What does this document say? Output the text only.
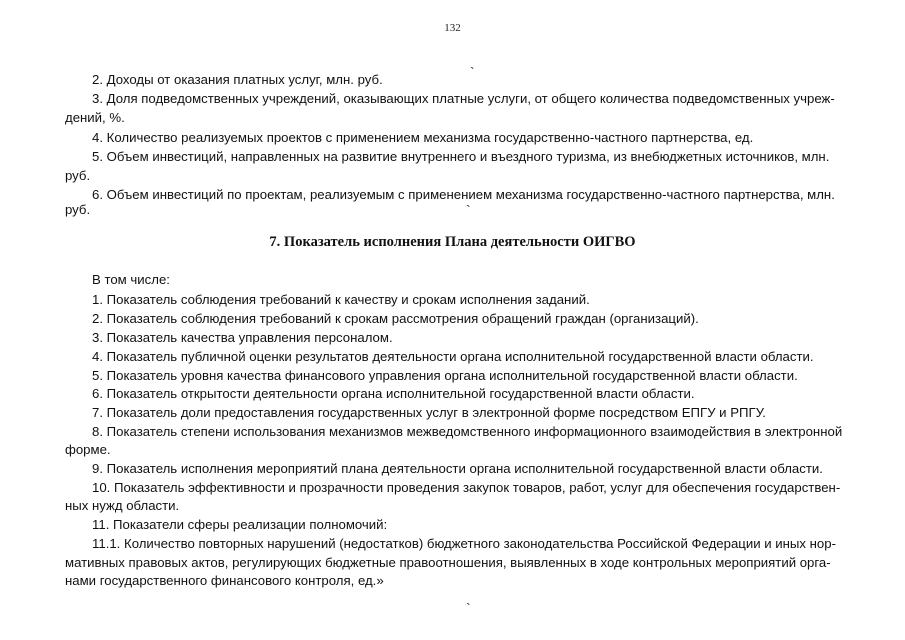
132
2. Доходы от оказания платных услуг, млн. руб.
3. Доля подведомственных учреждений, оказывающих платные услуги, от общего количества подведомственных учреж-
дений, %.
4. Количество реализуемых проектов с применением механизма государственно-частного партнерства, ед.
5. Объем инвестиций, направленных на развитие внутреннего и въездного туризма, из внебюджетных источников, млн.
руб.
6. Объем инвестиций по проектам, реализуемым с применением механизма государственно-частного партнерства, млн.
руб.
7. Показатель исполнения Плана деятельности ОИГВО
В том числе:
1. Показатель соблюдения требований к качеству и срокам исполнения заданий.
2. Показатель соблюдения требований к срокам рассмотрения обращений граждан (организаций).
3. Показатель качества управления персоналом.
4. Показатель публичной оценки результатов деятельности органа исполнительной государственной власти области.
5. Показатель уровня качества финансового управления органа исполнительной государственной власти области.
6. Показатель открытости деятельности органа исполнительной государственной власти области.
7. Показатель доли предоставления государственных услуг в электронной форме посредством ЕПГУ и РПГУ.
8. Показатель степени использования механизмов межведомственного информационного взаимодействия в электронной
форме.
9. Показатель исполнения мероприятий плана деятельности органа исполнительной государственной власти области.
10. Показатель эффективности и прозрачности проведения закупок товаров, работ, услуг для обеспечения государствен-
ных нужд области.
11. Показатели сферы реализации полномочий:
11.1. Количество повторных нарушений (недостатков) бюджетного законодательства Российской Федерации и иных нор-
мативных правовых актов, регулирующих бюджетные правоотношения, выявленных в ходе контрольных мероприятий орга-
нами государственного финансового контроля, ед.»
`
`
`
